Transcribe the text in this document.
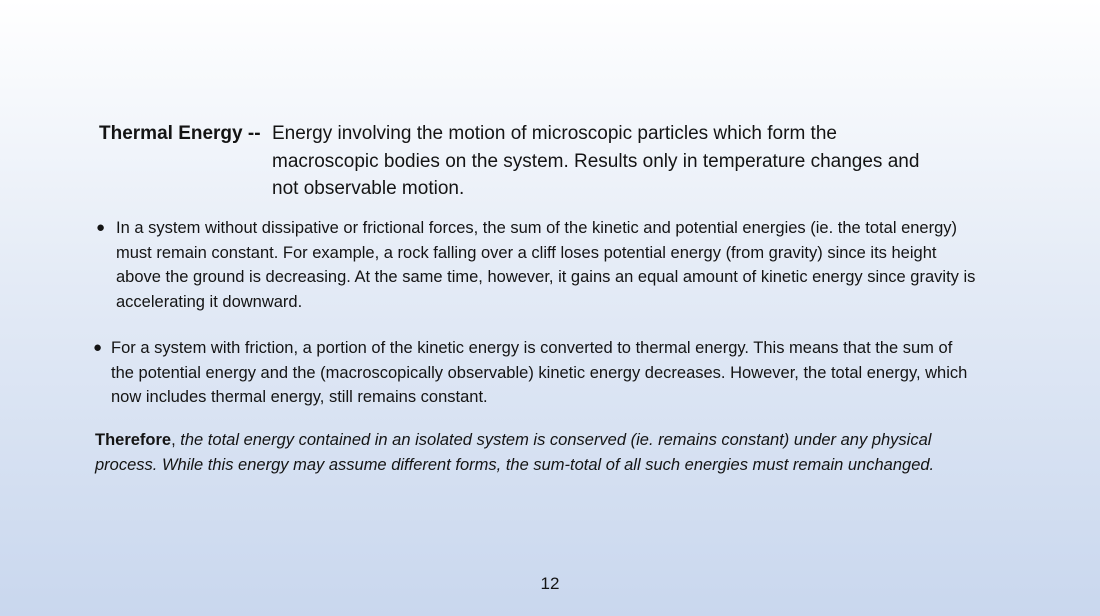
Thermal Energy -- Energy involving the motion of microscopic particles which form the macroscopic bodies on the system. Results only in temperature changes and not observable motion.
● In a system without dissipative or frictional forces, the sum of the kinetic and potential energies (ie. the total energy) must remain constant. For example, a rock falling over a cliff loses potential energy (from gravity) since its height above the ground is decreasing. At the same time, however, it gains an equal amount of kinetic energy since gravity is accelerating it downward.
● For a system with friction, a portion of the kinetic energy is converted to thermal energy. This means that the sum of the potential energy and the (macroscopically observable) kinetic energy decreases. However, the total energy, which now includes thermal energy, still remains constant.
Therefore, the total energy contained in an isolated system is conserved (ie. remains constant) under any physical process. While this energy may assume different forms, the sum-total of all such energies must remain unchanged.
12
